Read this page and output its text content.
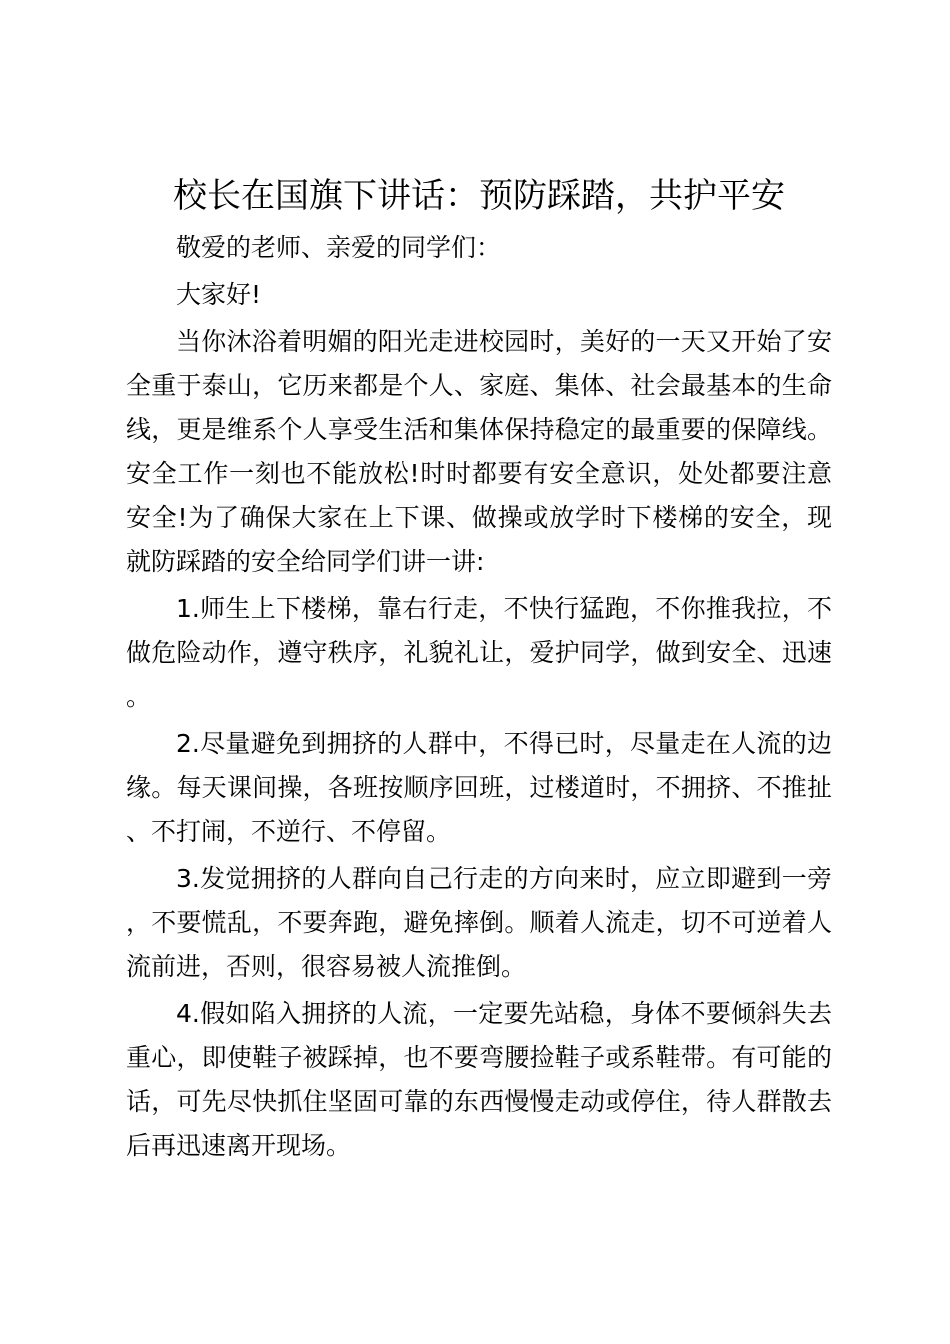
校长在国旗下讲话：预防踩踏，共护平安

敬爱的老师、亲爱的同学们：

大家好!

当你沐浴着明媚的阳光走进校园时，美好的一天又开始了安全重于泰山，它历来都是个人、家庭、集体、社会最基本的生命线，更是维系个人享受生活和集体保持稳定的最重要的保障线。安全工作一刻也不能放松!时时都要有安全意识，处处都要注意安全!为了确保大家在上下课、做操或放学时下楼梯的安全，现就防踩踏的安全给同学们讲一讲:

1.师生上下楼梯，靠右行走，不快行猛跑，不你推我拉，不做危险动作，遵守秩序，礼貌礼让，爱护同学，做到安全、迅速。

2.尽量避免到拥挤的人群中，不得已时，尽量走在人流的边缘。每天课间操，各班按顺序回班，过楼道时，不拥挤、不推扯、不打闹，不逆行、不停留。

3.发觉拥挤的人群向自己行走的方向来时，应立即避到一旁，不要慌乱，不要奔跑，避免摔倒。顺着人流走，切不可逆着人流前进，否则，很容易被人流推倒。

4.假如陷入拥挤的人流，一定要先站稳，身体不要倾斜失去重心，即使鞋子被踩掉，也不要弯腰捡鞋子或系鞋带。有可能的话，可先尽快抓住坚固可靠的东西慢慢走动或停住，待人群散去后再迅速离开现场。
